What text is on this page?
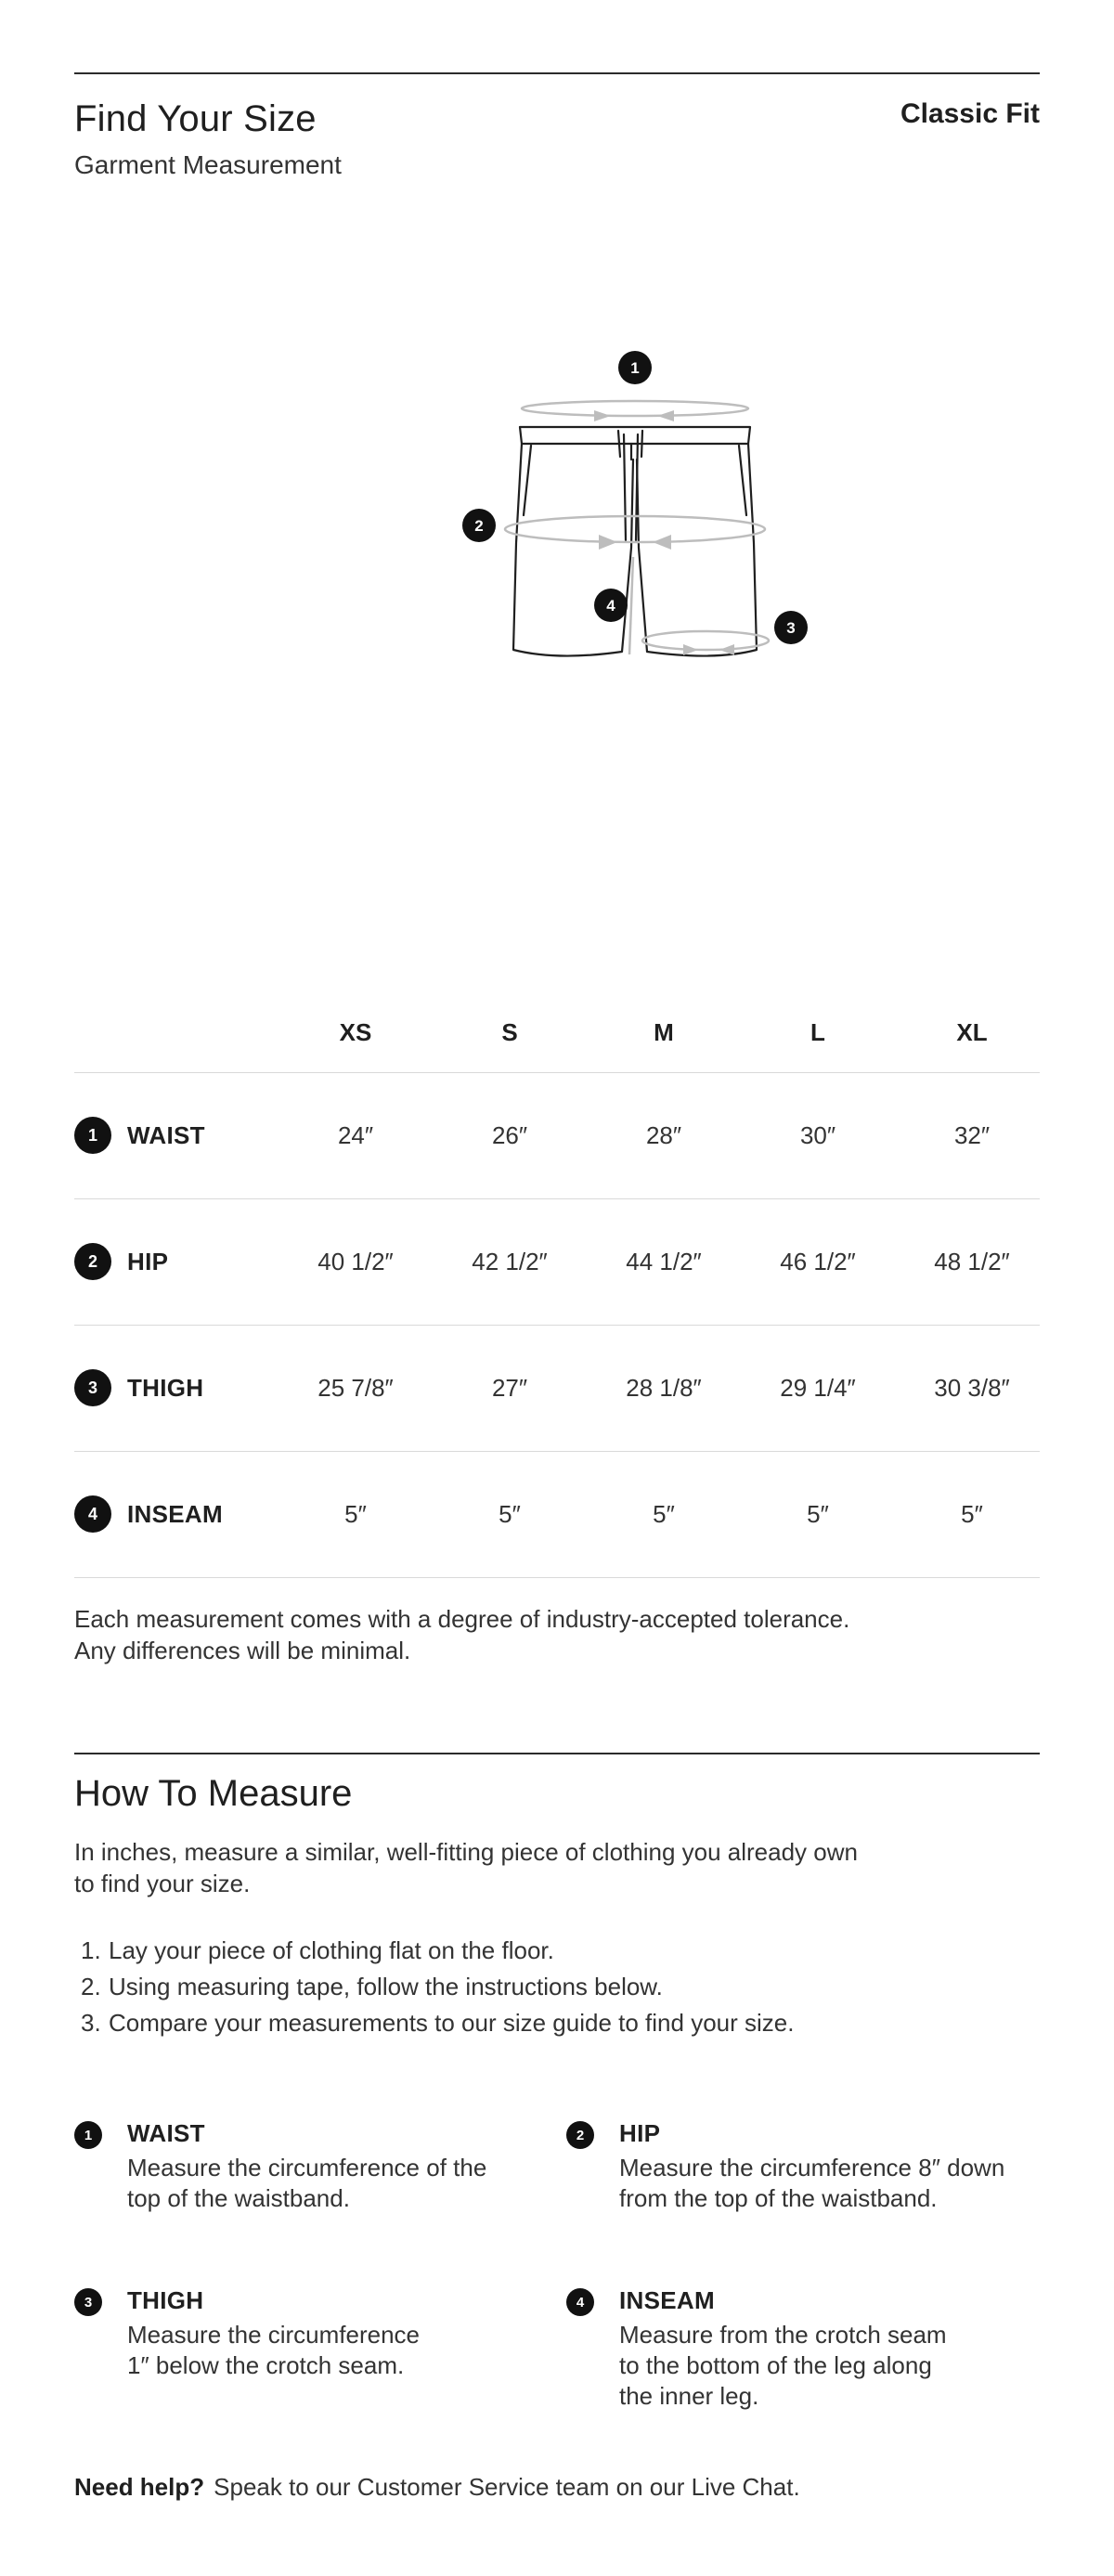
Find Your Size
Garment Measurement
Classic Fit
1
2
3
4
XS	S	M	L	XL
1	WAIST	24″	26″	28″	30″	32″
2	HIP	40 1/2″	42 1/2″	44 1/2″	46 1/2″	48 1/2″
3	THIGH	25 7/8″	27″	28 1/8″	29 1/4″	30 3/8″
4	INSEAM	5″	5″	5″	5″	5″
Each measurement comes with a degree of industry-accepted tolerance.
Any differences will be minimal.
How To Measure
In inches, measure a similar, well-fitting piece of clothing you already own
to find your size.
1. Lay your piece of clothing flat on the floor.
2. Using measuring tape, follow the instructions below.
3. Compare your measurements to our size guide to find your size.
1	WAIST
Measure the circumference of the
top of the waistband.
2	HIP
Measure the circumference 8″ down
from the top of the waistband.
3	THIGH
Measure the circumference
1″ below the crotch seam.
4	INSEAM
Measure from the crotch seam
to the bottom of the leg along
the inner leg.
Need help? Speak to our Customer Service team on our Live Chat.
